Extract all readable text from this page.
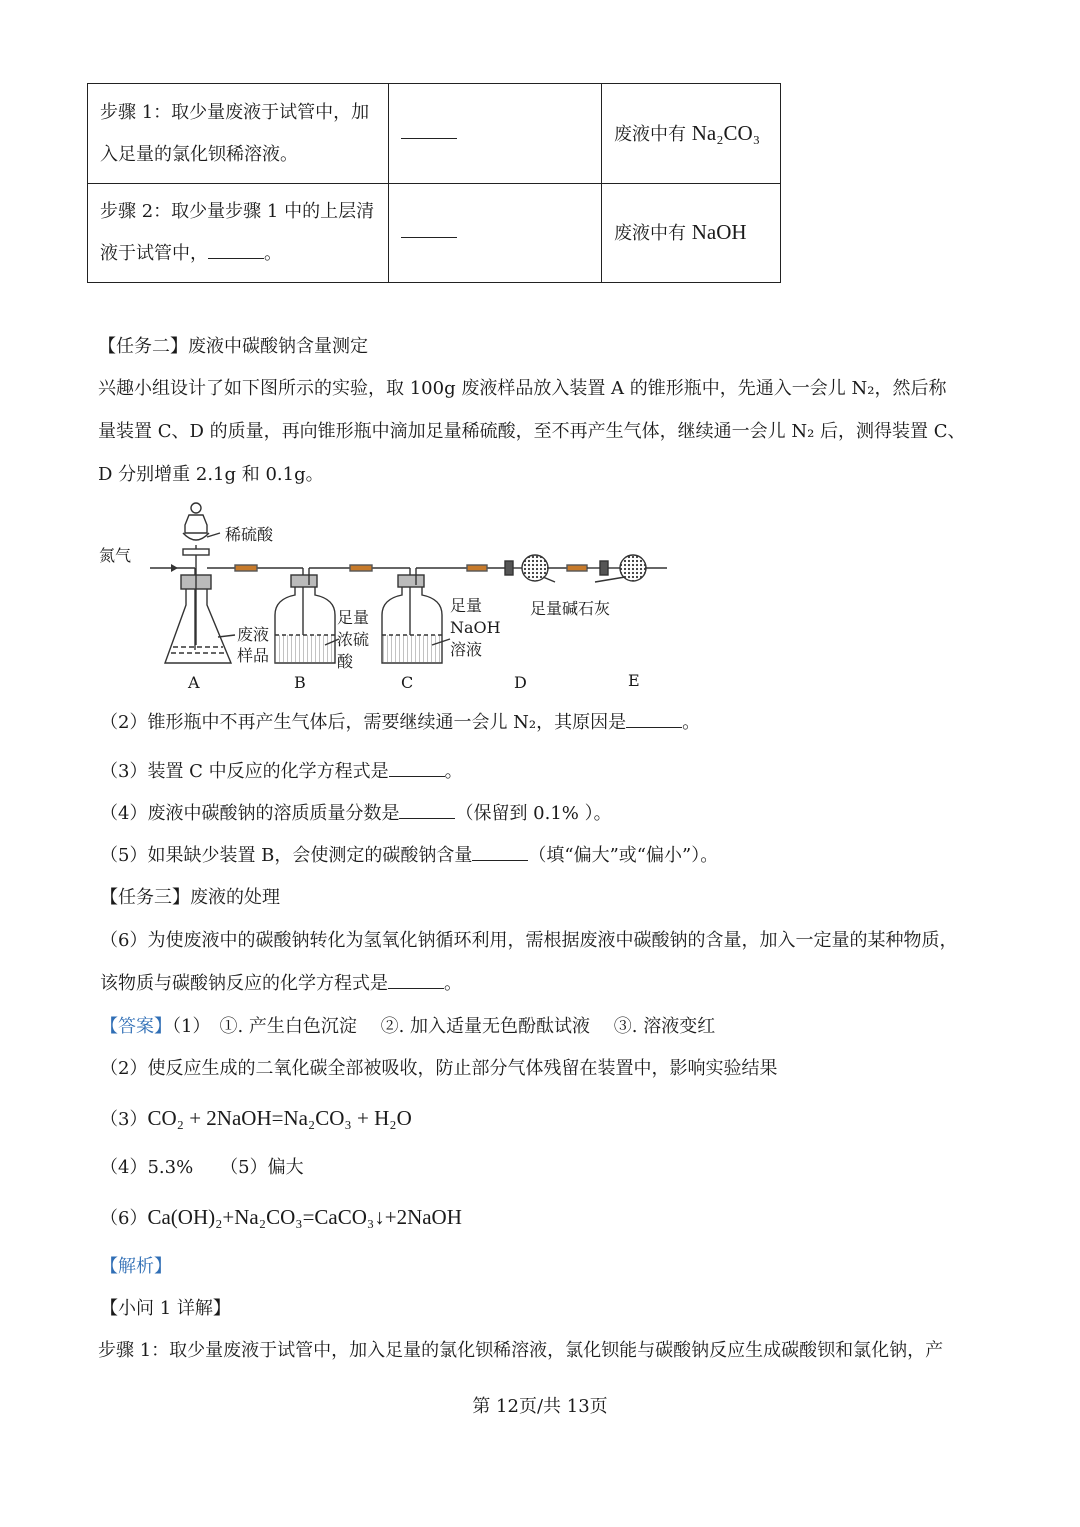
步骤 1：取少量废液于试管中，加
入足量的氯化钡稀溶液。		废液中有 Na₂CO₃

步骤 2：取少量步骤 1 中的上层清
液于试管中， 。		废液中有 NaOH
【任务二】废液中碳酸钠含量测定
兴趣小组设计了如下图所示的实验，取 100g 废液样品放入装置 A 的锥形瓶中，先通入一会儿 N₂，然后称
量装置 C、D 的质量，再向锥形瓶中滴加足量稀硫酸，至不再产生气体，继续通一会儿 N₂ 后，测得装置 C、
D 分别增重 2.1g 和 0.1g。
氮气
稀硫酸
废液
样品
足量
浓硫
酸
足量
NaOH
溶液
足量碱石灰
A	B	C	D	E
（2）锥形瓶中不再产生气体后，需要继续通一会儿 N₂，其原因是	。
（3）装置 C 中反应的化学方程式是	。
（4）废液中碳酸钠的溶质质量分数是	（保留到 0.1% ）。
（5）如果缺少装置 B，会使测定的碳酸钠含量	（填“偏大”或“偏小”）。
【任务三】废液的处理
（6）为使废液中的碳酸钠转化为氢氧化钠循环利用，需根据废液中碳酸钠的含量，加入一定量的某种物质，
该物质与碳酸钠反应的化学方程式是	。
【答案】（1）　①. 产生白色沉淀　 ②. 加入适量无色酚酞试液　 ③. 溶液变红
（2）使反应生成的二氧化碳全部被吸收，防止部分气体残留在装置中，影响实验结果
（3）CO₂ + 2NaOH=Na₂CO₃ + H₂O
（4）5.3%　　（5）偏大
（6）Ca(OH)₂+Na₂CO₃=CaCO₃↓+2NaOH
【解析】
【小问 1 详解】
步骤 1：取少量废液于试管中，加入足量的氯化钡稀溶液，氯化钡能与碳酸钠反应生成碳酸钡和氯化钠，产
第 12页/共 13页
